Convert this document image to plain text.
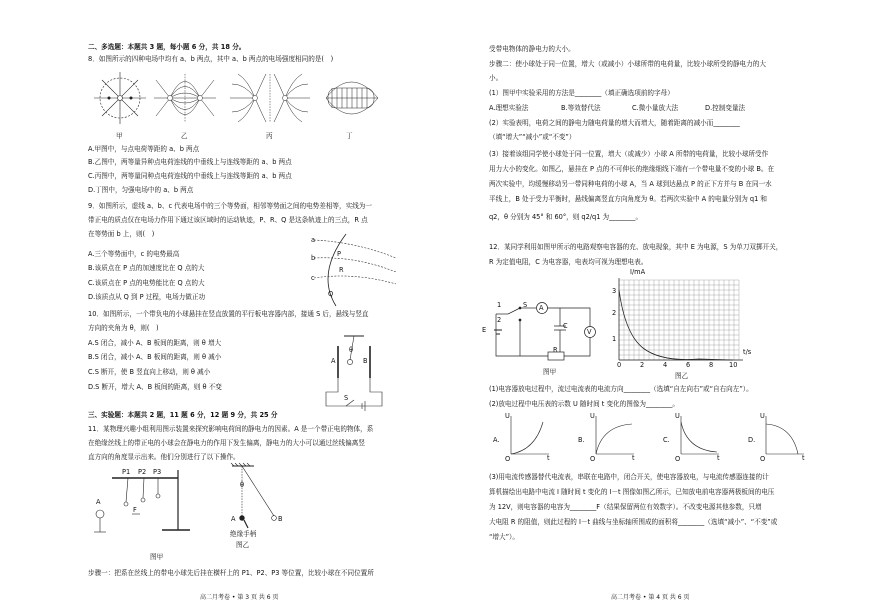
二、多选题：本题共 3 题，每小题 6 分，共 18 分。
8．如图所示的四种电场中均有 a、b 两点，其中 a、b 两点的电场强度相同的是(　)
甲	乙	丙	丁
A.甲图中，与点电荷等距的 a、b 两点
B.乙图中，两等量异种点电荷连线的中垂线上与连线等距的 a、b 两点
C.丙图中，两等量同种点电荷连线的中垂线上与连线等距的 a、b 两点
D.丁图中，匀强电场中的 a、b 两点
9．如图所示，虚线 a、b、c 代表电场中的三个等势面，相邻等势面之间的电势差相等，实线为一
带正电的质点仅在电场力作用下通过该区域时的运动轨迹，P、R、Q 是这条轨迹上的三点，R 点
在等势面 b 上，则(　)
A.三个等势面中，c 的电势最高
B.该质点在 P 点的加速度比在 Q 点的大
C.该质点在 P 点的电势能比在 Q 点的大
D.该质点从 Q 到 P 过程，电场力做正功
a
b
c
P
R
Q
10．如图所示，一个带负电的小球悬挂在竖直放置的平行板电容器内部，接通 S 后，悬线与竖直
方向的夹角为 θ，则(　)
A.S 闭合，减小 A、B 板间的距离，则 θ 增大
B.S 闭合，减小 A、B 板间的距离，则 θ 减小
C.S 断开，使 B 竖直向上移动，则 θ 减小
D.S 断开，增大 A、B 板间的距离，则 θ 不变
A	B
θ
S
三、实验题：本题共 2 题，11 题 6 分，12 题 9 分，共 25 分
11．某物理兴趣小组利用图示装置来探究影响电荷间的静电力的因素。A 是一个带正电的物体，系
在绝缘丝线上的带正电的小球会在静电力的作用下发生偏离，静电力的大小可以通过丝线偏离竖
直方向的角度显示出来。他们分别进行了以下操作。
P1 P2 P3
A
F
图甲
θ
A	B
绝缘手柄
图乙
步骤一：把系在丝线上的带电小球先后挂在横杆上的 P1、P2、P3 等位置，比较小球在不同位置所
高二月考卷 • 第 3 页 共 6 页
受带电物体的静电力的大小。
步骤二：使小球处于同一位置，增大（或减小）小球所带的电荷量，比较小球所受的静电力的大
小。
(1）图甲中实验采用的方法是________（填正确选项前的字母）
A.理想实验法	B.等效替代法	C.微小量放大法	D.控制变量法
(2）实验表明，电荷之间的静电力随电荷量的增大而增大，随着距离的减小而________
（填“增大”“减小”或“不变”）
(3）接着该组同学使小球处于同一位置，增大（或减少）小球 A 所带的电荷量，比较小球所受作
用力大小的变化。如图乙，悬挂在 P 点的不可伸长的绝缘细线下端有一个带电量不变的小球 B。在
两次实验中，均缓慢移动另一带同种电荷的小球 A，当 A 球到达悬点 P 的正下方并与 B 在同一水
平线上，B 处于受力平衡时，悬线偏离竖直方向角度为 θ。若两次实验中 A 的电量分别为 q1 和
q2，θ 分别为 45° 和 60°，则 q2/q1 为________。
12．某同学利用如图甲所示的电路观察电容器的充、放电现象，其中 E 为电源，S 为单刀双掷开关，
R 为定值电阻，C 为电容器，电表均可视为理想电表。
1
2
S A
E	C
V
R
图甲
I/mA
t/s
1
2
3
0	2	4	6	8 10
图乙
(1)电容器放电过程中，流过电流表的电流方向________（选填“自左向右”或“自右向左”）。
(2)放电过程中电压表的示数 U 随时间 t 变化的图像为________。
A.
U
t
O
B.
U
t
O
C.
U
t
O
D.
U
t
O
(3)用电流传感器替代电流表，串联在电路中，闭合开关，使电容器放电，与电流传感器连接的计
算机描绘出电路中电流 I 随时间 t 变化的 I－t 图像如图乙所示，已知放电前电容器两极板间的电压
为 12V，则电容器的电容为________F（结果保留两位有效数字）。不改变电源其他参数，只增
大电阻 R 的阻值，则此过程的 I－t 曲线与坐标轴所围成的面积将________（选填“减小”、“不变”或
“增大”）。
高二月考卷 • 第 4 页 共 6 页
